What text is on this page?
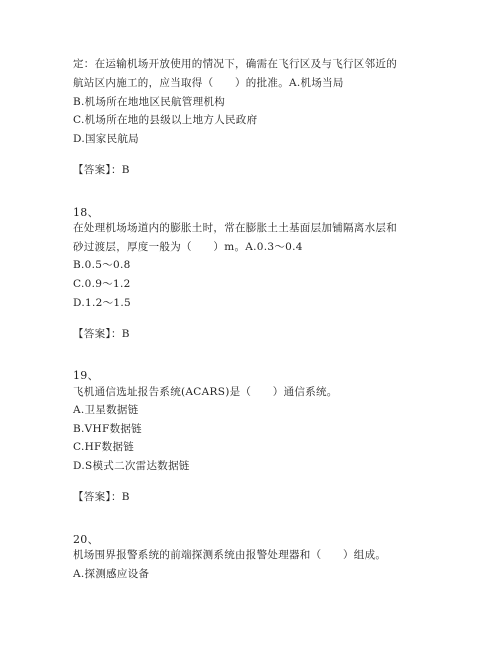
定：在运输机场开放使用的情况下，确需在飞行区及与飞行区邻近的
航站区内施工的，应当取得（　　）的批准。A.机场当局
B.机场所在地地区民航管理机构
C.机场所在地的县级以上地方人民政府
D.国家民航局
【答案】：B
18、
在处理机场场道内的膨胀土时，常在膨胀土土基面层加铺隔离水层和
砂过渡层，厚度一般为（　　）m。A.0.3～0.4
B.0.5～0.8
C.0.9～1.2
D.1.2～1.5
【答案】：B
19、
飞机通信选址报告系统(ACARS)是（　　）通信系统。
A.卫星数据链
B.VHF数据链
C.HF数据链
D.S模式二次雷达数据链
【答案】：B
20、
机场围界报警系统的前端探测系统由报警处理器和（　　）组成。
A.探测感应设备
